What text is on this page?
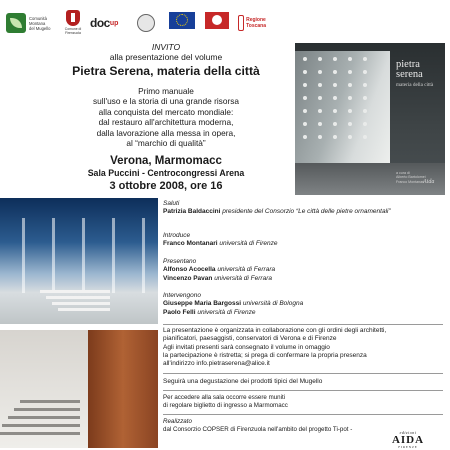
Comunità
Montana
del Mugello	Comune di
Firenzuola
doc up	Regione Toscana
INVITO
alla presentazione del volume
Pietra Serena, materia della città
Primo manuale
sull'uso e la storia di una grande risorsa
alla conquista del mercato mondiale:
dal restauro all'architettura moderna,
dalla lavorazione alla messa in opera,
al “marchio di qualità”
Verona, Marmomacc
Sala Puccini - Centrocongressi Arena
3 ottobre 2008, ore 16
pietra
serena
materia della città
a cura di
Alberto Bartolomei
Franco Montanari
Aida
Saluti
Patrizia Baldaccini presidente del Consorzio “Le città delle pietre ornamentali”
Introduce
Franco Montanari università di Firenze
Presentano
Alfonso Acocella università di Ferrara
Vincenzo Pavan università di Ferrara
Intervengono
Giuseppe Maria Bargossi università di Bologna
Paolo Felli università di Firenze
La presentazione è organizzata in collaborazione con gli ordini degli architetti,
pianificatori, paesaggisti, conservatori di Verona e di Firenze
Agli invitati presenti sarà consegnato il volume in omaggio
la partecipazione è ristretta; si prega di confermare la propria presenza
all'indirizzo info.pietraserena@alice.it
Seguirà una degustazione dei prodotti tipici del Mugello
Per accedere alla sala occorre essere muniti
di regolare biglietto di ingresso a Marmomacc
Realizzato
dal Consorzio COPSER di Firenzuola nell'ambito del progetto Ti-pot -	edizioni
AIDA
FIRENZE
